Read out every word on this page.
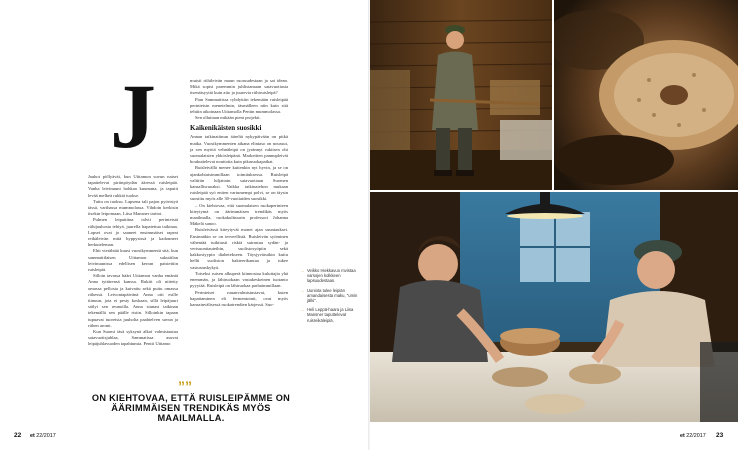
J

Jauhot pöllyävät, kun Uittamon suvun naiset tapattelevat pirtinpöydän ääressä ruisleipää. Vanha leivinuuni hohkaa kuumana, ja taputit levää melkeä rukkiä tuokse.

Tuttu on tuoksu. Lapsena tali pajon pyöristyä tässä, varihassa mummolassa. Vihdoin kerkisin itsekin leipomaan, Liisa Mansner tarttoi.

Pulmen leipattiina talvii perinteistä riihijauhosta tehtyä, juurella hapatettua taikinaa. Lapset ovat jo saaneet ensimmäiset rapeat reikäleivän mitä hyppysissä ja kadonneet herkuteleman.

Ehti vierähtää kuusi vuosikymmentä sitä, kun sammattilaisen Uittamon sukuttilan leivinuunissa edellisen kerran paistettiin ruisleipiä.

Silloin tavassa häärt Uittamon vanha emäntä Anna tyttärensä kanssa. Rukiit oli niitetty omassa pellosta ja kuivattu sekä puitu omassa riihessä. Leivontapäivänä Anna otti esille tiinuun, jota ei pesty koskaan, sillä leipäjuuri säilyi sen reunoilla. Anna siunasi taikinan tekemällä sen päälle ristin. Silloinkin tapaan tupuavat tuoreista juuholta paahtelven savun ja riihen aromi.

Kun Suomi täsä syksynä alkoi valmistautua satavuotisjuhlaa, Sammatissa asuvat leipäjuhlavuoden tapahtumia. Pentti Uittamo

muisti riihileivän maun ruoruudestaan ja sai idean. Mikä sopisi paremmin juhlistamaan satavuotiasta itsenäisyyttä kuin aito ja juurevia riihiruisleipä?

Pian Sammattissa ryhdyttiin tekemään ruisleipää perinteisin menetelmin, täsmälleen niin kuin sitä tehtiin aikoinaan Uittamolla Pentin mummolassa.

Sen olluttaan mikään pieni projekti.

Kaikenikäisten suosikki

Annan taikinatiinun ääreltä nykypäivään on pitkä matka. Vuosikymmenten aikana elintaso on noussut, ja sen myötä vehnäleipä on jyrännyt rukiisen ohi suomalaisten ykkösleipänä. Markettien pannupleivät houkuttelevat nouttoita kuin pikaruokapaikat.

Ruisleivällä menee kuitenkin nyt hyvin, ja se on ajankohtaisimmillaan toimituksessa. Ruisleipä valittiin hiljattain satavuotiaan Suomen kansallisruoaksi. Vaikka taikinatehon mukaan ruisleipää syö eniten vartumempi polvi, se on täysin suosittu myös alle 30-vuotiaiden suosikki.

– On kiehtovaa, että suomalaisen ruokaperinteen kiteytymä on äärimmäisen trendikäs myös maailmalla, ruokakulttuurin professori Johanna Mäkelä sanoo.

Ruisleivässä kiteytyvät monet ajan suuntaukset. Ensinnäkin se on terveellistä. Ruisleivän syöminen vähentää tutkitusti riskiä sairastua sydän- ja verisuonitauteihin, suolistosyöpiin sekä kakkostyypin diabetekseen. Täysjyväruikin kuitu hellii suoliston bakteerikantaa ja tukee vastustuskykyä.

Toiseksi ruisen alkuperä kiinnostaa kuluttajia yhä enemmän, ja lähiruokaan vastakeskeinen tuotanto pyyytää. Ruisleipä on lähiruokaa parhaimmillaan.

Perinteiset ruuanvalmistustavat, kuten hapattaminen eli fermentointi, ovat myös kansainvälisessä ruokatrendien kärjessä. Suo-

””
ON KIEHTOVAA, ETTÄ RUISLEIPÄMME ON ÄÄRIMMÄISEN TRENDIKÄS MYÖS MAAILMALLA.
→ Veikko Hiekkavuo mvistaa varsojen kolkkeen lapsuudestaan.
→ Uuniota tulee leipiän amandaisesta maku, "umin jälki".
→ Heli Leppä-haara ja Liisa Mansner taputtelevat ruisreikäleipiä.
22 et 22/2017	et 22/2017 23
